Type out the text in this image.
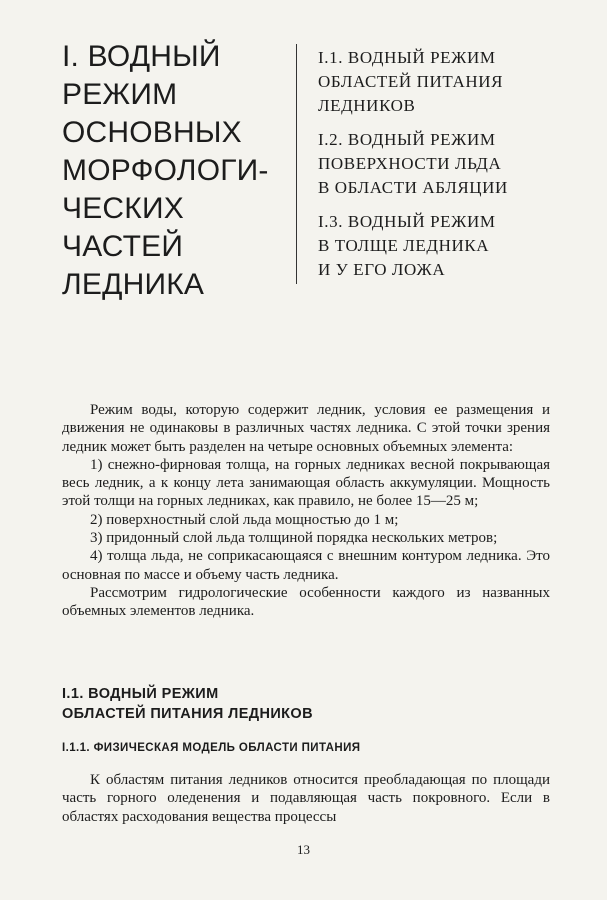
I. ВОДНЫЙ
РЕЖИМ
ОСНОВНЫХ
МОРФОЛОГИ-
ЧЕСКИХ
ЧАСТЕЙ
ЛЕДНИКА
I.1. ВОДНЫЙ РЕЖИМ
ОБЛАСТЕЙ ПИТАНИЯ
ЛЕДНИКОВ
I.2. ВОДНЫЙ РЕЖИМ
ПОВЕРХНОСТИ ЛЬДА
В ОБЛАСТИ АБЛЯЦИИ
I.3. ВОДНЫЙ РЕЖИМ
В ТОЛЩЕ ЛЕДНИКА
И У ЕГО ЛОЖА

Режим воды, которую содержит ледник, условия ее размещения и движения не одинаковы в различных частях ледника. С этой точки зрения ледник может быть разделен на четыре основных объемных элемента:

1) снежно-фирновая толща, на горных ледниках весной покрывающая весь ледник, а к концу лета занимающая область аккумуляции. Мощность этой толщи на горных ледниках, как правило, не более 15—25 м;

2) поверхностный слой льда мощностью до 1 м;

3) придонный слой льда толщиной порядка нескольких метров;

4) толща льда, не соприкасающаяся с внешним контуром ледника. Это основная по массе и объему часть ледника.

Рассмотрим гидрологические особенности каждого из названных объемных элементов ледника.

I.1. ВОДНЫЙ РЕЖИМ
ОБЛАСТЕЙ ПИТАНИЯ ЛЕДНИКОВ
I.1.1. ФИЗИЧЕСКАЯ МОДЕЛЬ ОБЛАСТИ ПИТАНИЯ

К областям питания ледников относится преобладающая по площади часть горного оледенения и подавляющая часть покровного. Если в областях расходования вещества процессы

13
